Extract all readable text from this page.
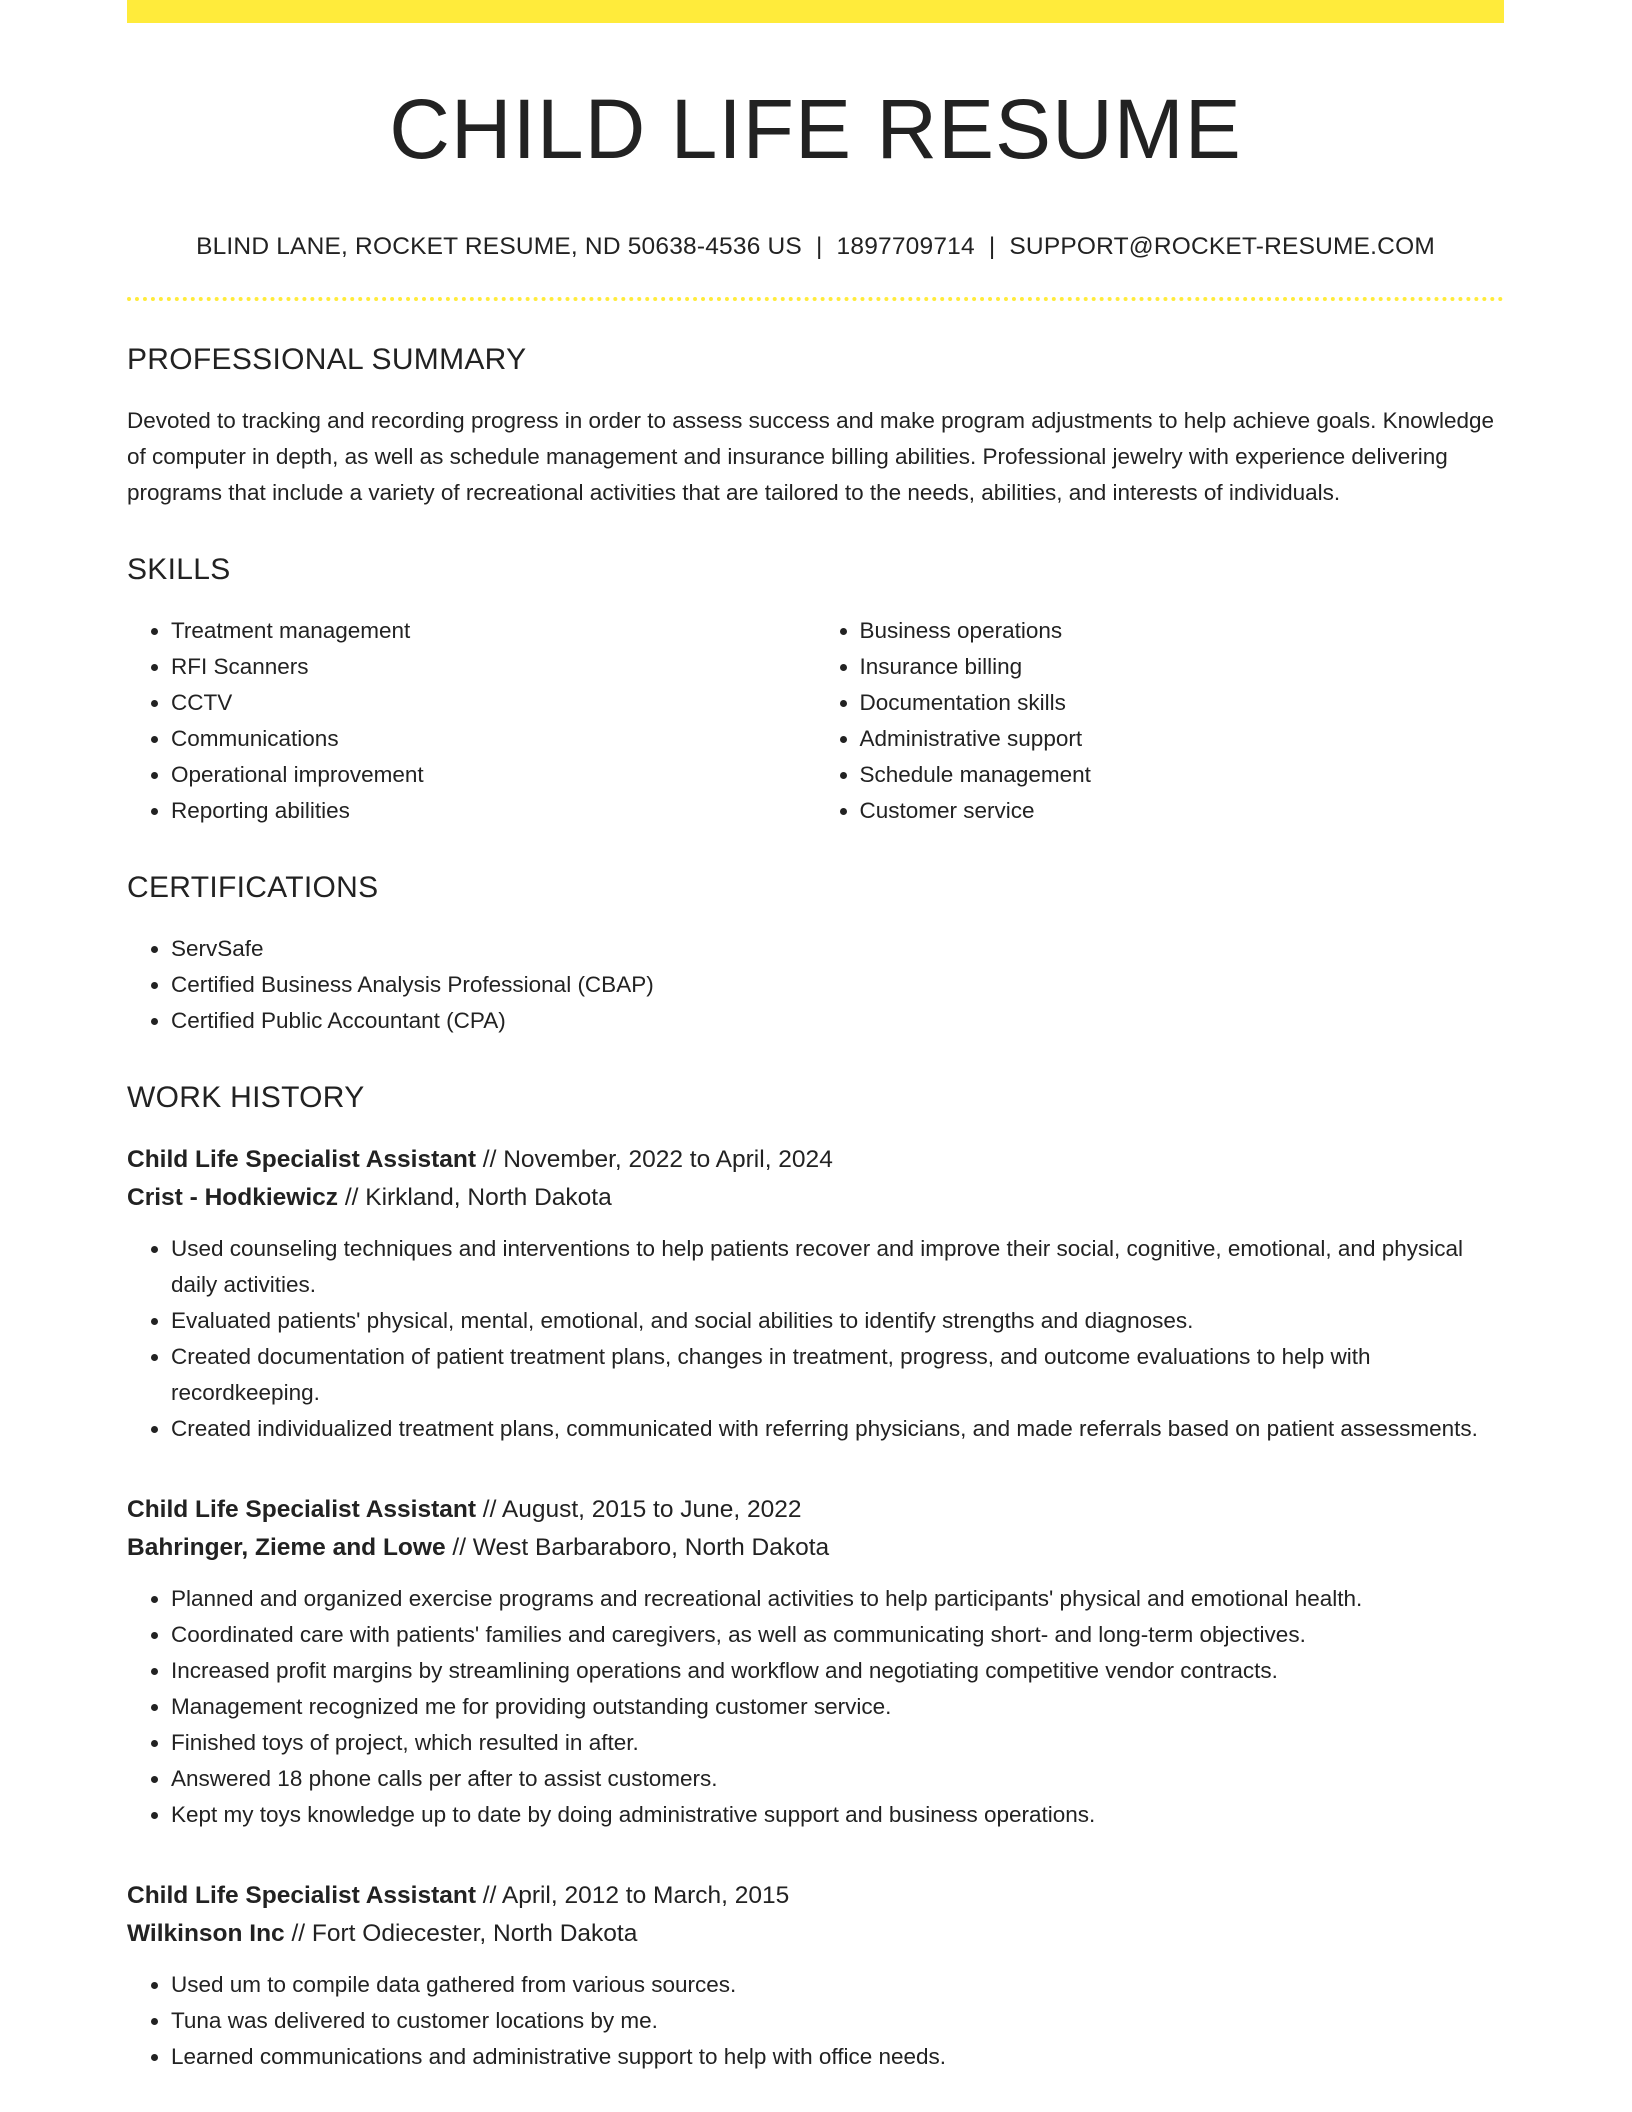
CHILD LIFE RESUME
BLIND LANE, ROCKET RESUME, ND 50638-4536 US | 1897709714 | SUPPORT@ROCKET-RESUME.COM
PROFESSIONAL SUMMARY

Devoted to tracking and recording progress in order to assess success and make program adjustments to help achieve goals. Knowledge of computer in depth, as well as schedule management and insurance billing abilities. Professional jewelry with experience delivering programs that include a variety of recreational activities that are tailored to the needs, abilities, and interests of individuals.

SKILLS
• Treatment management
• RFI Scanners
• CCTV
• Communications
• Operational improvement
• Reporting abilities
• Business operations
• Insurance billing
• Documentation skills
• Administrative support
• Schedule management
• Customer service
CERTIFICATIONS
• ServSafe
• Certified Business Analysis Professional (CBAP)
• Certified Public Accountant (CPA)
WORK HISTORY
Child Life Specialist Assistant // November, 2022 to April, 2024
Crist - Hodkiewicz // Kirkland, North Dakota
• Used counseling techniques and interventions to help patients recover and improve their social, cognitive, emotional, and physical daily activities.
• Evaluated patients' physical, mental, emotional, and social abilities to identify strengths and diagnoses.
• Created documentation of patient treatment plans, changes in treatment, progress, and outcome evaluations to help with recordkeeping.
• Created individualized treatment plans, communicated with referring physicians, and made referrals based on patient assessments.
Child Life Specialist Assistant // August, 2015 to June, 2022
Bahringer, Zieme and Lowe // West Barbaraboro, North Dakota
• Planned and organized exercise programs and recreational activities to help participants' physical and emotional health.
• Coordinated care with patients' families and caregivers, as well as communicating short- and long-term objectives.
• Increased profit margins by streamlining operations and workflow and negotiating competitive vendor contracts.
• Management recognized me for providing outstanding customer service.
• Finished toys of project, which resulted in after.
• Answered 18 phone calls per after to assist customers.
• Kept my toys knowledge up to date by doing administrative support and business operations.
Child Life Specialist Assistant // April, 2012 to March, 2015
Wilkinson Inc // Fort Odiecester, North Dakota
• Used um to compile data gathered from various sources.
• Tuna was delivered to customer locations by me.
• Learned communications and administrative support to help with office needs.
